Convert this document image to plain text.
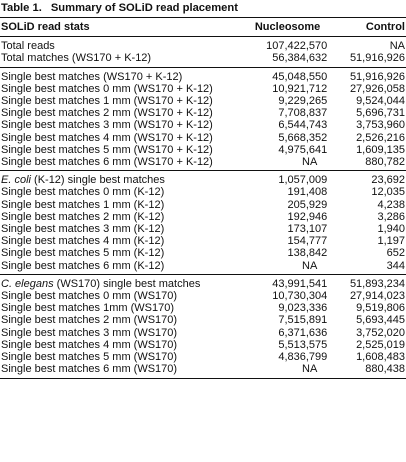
Table 1. Summary of SOLiD read placement
SOLiD read stats	Nucleosome	Control
Total reads	107,422,570	NA
Total matches (WS170 + K-12)	56,384,632	51,916,926
Single best matches (WS170 + K-12)	45,048,550	51,916,926
Single best matches 0 mm (WS170 + K-12)	10,921,712	27,926,058
Single best matches 1 mm (WS170 + K-12)	9,229,265	9,524,044
Single best matches 2 mm (WS170 + K-12)	7,708,837	5,696,731
Single best matches 3 mm (WS170 + K-12)	6,544,743	3,753,960
Single best matches 4 mm (WS170 + K-12)	5,668,352	2,526,216
Single best matches 5 mm (WS170 + K-12)	4,975,641	1,609,135
Single best matches 6 mm (WS170 + K-12)	NA	880,782
E. coli (K-12) single best matches	1,057,009	23,692
Single best matches 0 mm (K-12)	191,408	12,035
Single best matches 1 mm (K-12)	205,929	4,238
Single best matches 2 mm (K-12)	192,946	3,286
Single best matches 3 mm (K-12)	173,107	1,940
Single best matches 4 mm (K-12)	154,777	1,197
Single best matches 5 mm (K-12)	138,842	652
Single best matches 6 mm (K-12)	NA	344
C. elegans (WS170) single best matches	43,991,541	51,893,234
Single best matches 0 mm (WS170)	10,730,304	27,914,023
Single best matches 1mm (WS170)	9,023,336	9,519,806
Single best matches 2 mm (WS170)	7,515,891	5,693,445
Single best matches 3 mm (WS170)	6,371,636	3,752,020
Single best matches 4 mm (WS170)	5,513,575	2,525,019
Single best matches 5 mm (WS170)	4,836,799	1,608,483
Single best matches 6 mm (WS170)	NA	880,438
